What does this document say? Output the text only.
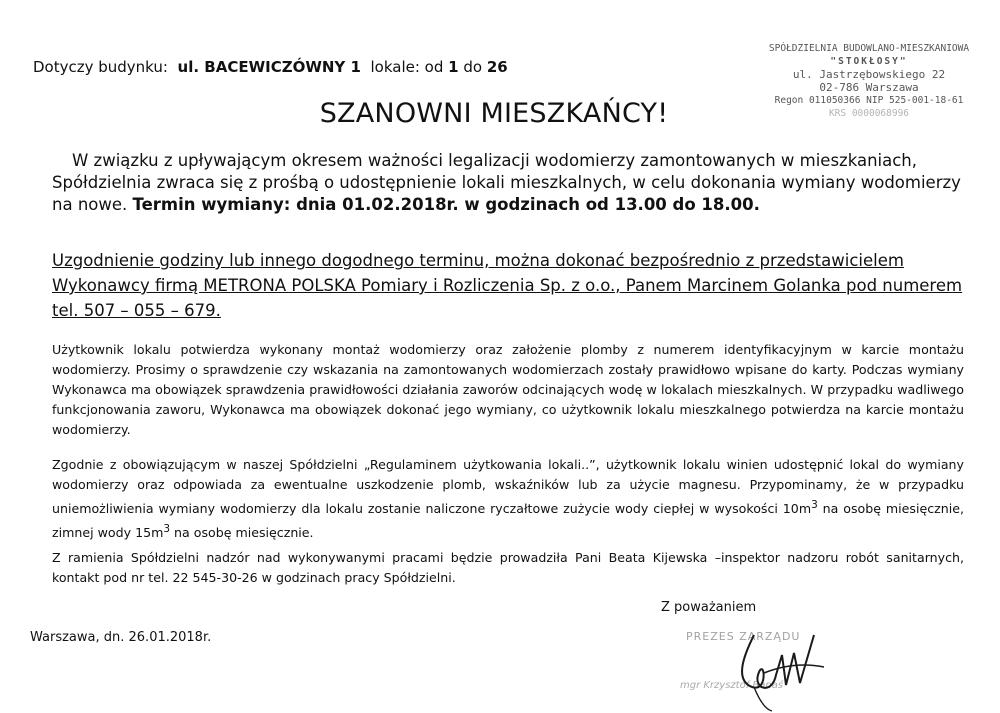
Dotyczy budynku: ul. BACEWICZÓWNY 1 lokale: od 1 do 26
SPÓŁDZIELNIA BUDOWLANO-MIESZKANIOWA
"STOKŁOSY"
ul. Jastrzębowskiego 22
02-786 Warszawa
Regon 011050366 NIP 525-001-18-61
KRS 0000068996
SZANOWNI MIESZKAŃCY!
W związku z upływającym okresem ważności legalizacji wodomierzy zamontowanych w mieszkaniach, Spółdzielnia zwraca się z prośbą o udostępnienie lokali mieszkalnych, w celu dokonania wymiany wodomierzy na nowe. Termin wymiany: dnia 01.02.2018r. w godzinach od 13.00 do 18.00.
Uzgodnienie godziny lub innego dogodnego terminu, można dokonać bezpośrednio z przedstawicielem Wykonawcy firmą METRONA POLSKA Pomiary i Rozliczenia Sp. z o.o., Panem Marcinem Golanka pod numerem tel. 507 – 055 – 679.
Użytkownik lokalu potwierdza wykonany montaż wodomierzy oraz założenie plomby z numerem identyfikacyjnym w karcie montażu wodomierzy. Prosimy o sprawdzenie czy wskazania na zamontowanych wodomierzach zostały prawidłowo wpisane do karty. Podczas wymiany Wykonawca ma obowiązek sprawdzenia prawidłowości działania zaworów odcinających wodę w lokalach mieszkalnych. W przypadku wadliwego funkcjonowania zaworu, Wykonawca ma obowiązek dokonać jego wymiany, co użytkownik lokalu mieszkalnego potwierdza na karcie montażu wodomierzy.
Zgodnie z obowiązującym w naszej Spółdzielni „Regulaminem użytkowania lokali..”, użytkownik lokalu winien udostępnić lokal do wymiany wodomierzy oraz odpowiada za ewentualne uszkodzenie plomb, wskaźników lub za użycie magnesu. Przypominamy, że w przypadku uniemożliwienia wymiany wodomierzy dla lokalu zostanie naliczone ryczałtowe zużycie wody ciepłej w wysokości $10m^3$ na osobę miesięcznie, zimnej wody $15m^3$ na osobę miesięcznie.
Z ramienia Spółdzielni nadzór nad wykonywanymi pracami będzie prowadziła Pani Beata Kijewska –inspektor nadzoru robót sanitarnych, kontakt pod nr tel. 22 545-30-26 w godzinach pracy Spółdzielni.
Z poważaniem
Warszawa, dn. 26.01.2018r.	PREZES ZARZĄDU
mgr Krzysztof Banaś
